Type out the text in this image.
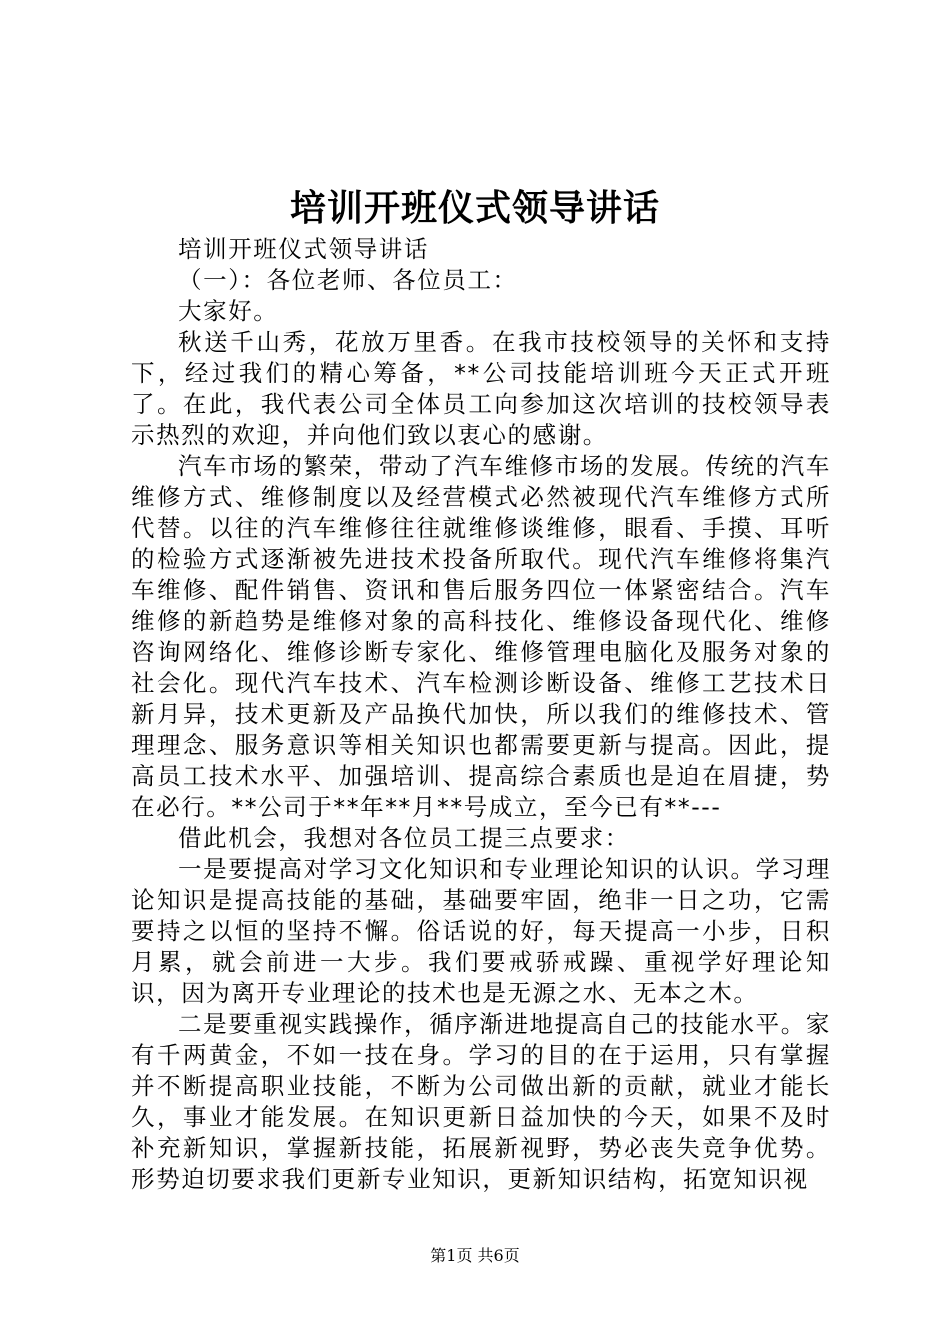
培训开班仪式领导讲话

培训开班仪式领导讲话

（一）：各位老师、各位员工：

大家好。

秋送千山秀，花放万里香。在我市技校领导的关怀和支持下，经过我们的精心筹备，**公司技能培训班今天正式开班了。在此，我代表公司全体员工向参加这次培训的技校领导表示热烈的欢迎，并向他们致以衷心的感谢。

汽车市场的繁荣，带动了汽车维修市场的发展。传统的汽车维修方式、维修制度以及经营模式必然被现代汽车维修方式所代替。以往的汽车维修往往就维修谈维修，眼看、手摸、耳听的检验方式逐渐被先进技术投备所取代。现代汽车维修将集汽车维修、配件销售、资讯和售后服务四位一体紧密结合。汽车维修的新趋势是维修对象的高科技化、维修设备现代化、维修咨询网络化、维修诊断专家化、维修管理电脑化及服务对象的社会化。现代汽车技术、汽车检测诊断设备、维修工艺技术日新月异，技术更新及产品换代加快，所以我们的维修技术、管理理念、服务意识等相关知识也都需要更新与提高。因此，提高员工技术水平、加强培训、提高综合素质也是迫在眉捷，势在必行。**公司于**年**月**号成立，至今已有**---

借此机会，我想对各位员工提三点要求：

一是要提高对学习文化知识和专业理论知识的认识。学习理论知识是提高技能的基础，基础要牢固，绝非一日之功，它需要持之以恒的坚持不懈。俗话说的好，每天提高一小步，日积月累，就会前进一大步。我们要戒骄戒躁、重视学好理论知识，因为离开专业理论的技术也是无源之水、无本之木。

二是要重视实践操作，循序渐进地提高自己的技能水平。家有千两黄金，不如一技在身。学习的目的在于运用，只有掌握并不断提高职业技能，不断为公司做出新的贡献，就业才能长久，事业才能发展。在知识更新日益加快的今天，如果不及时补充新知识，掌握新技能，拓展新视野，势必丧失竞争优势。形势迫切要求我们更新专业知识，更新知识结构，拓宽知识视

第1页 共6页
